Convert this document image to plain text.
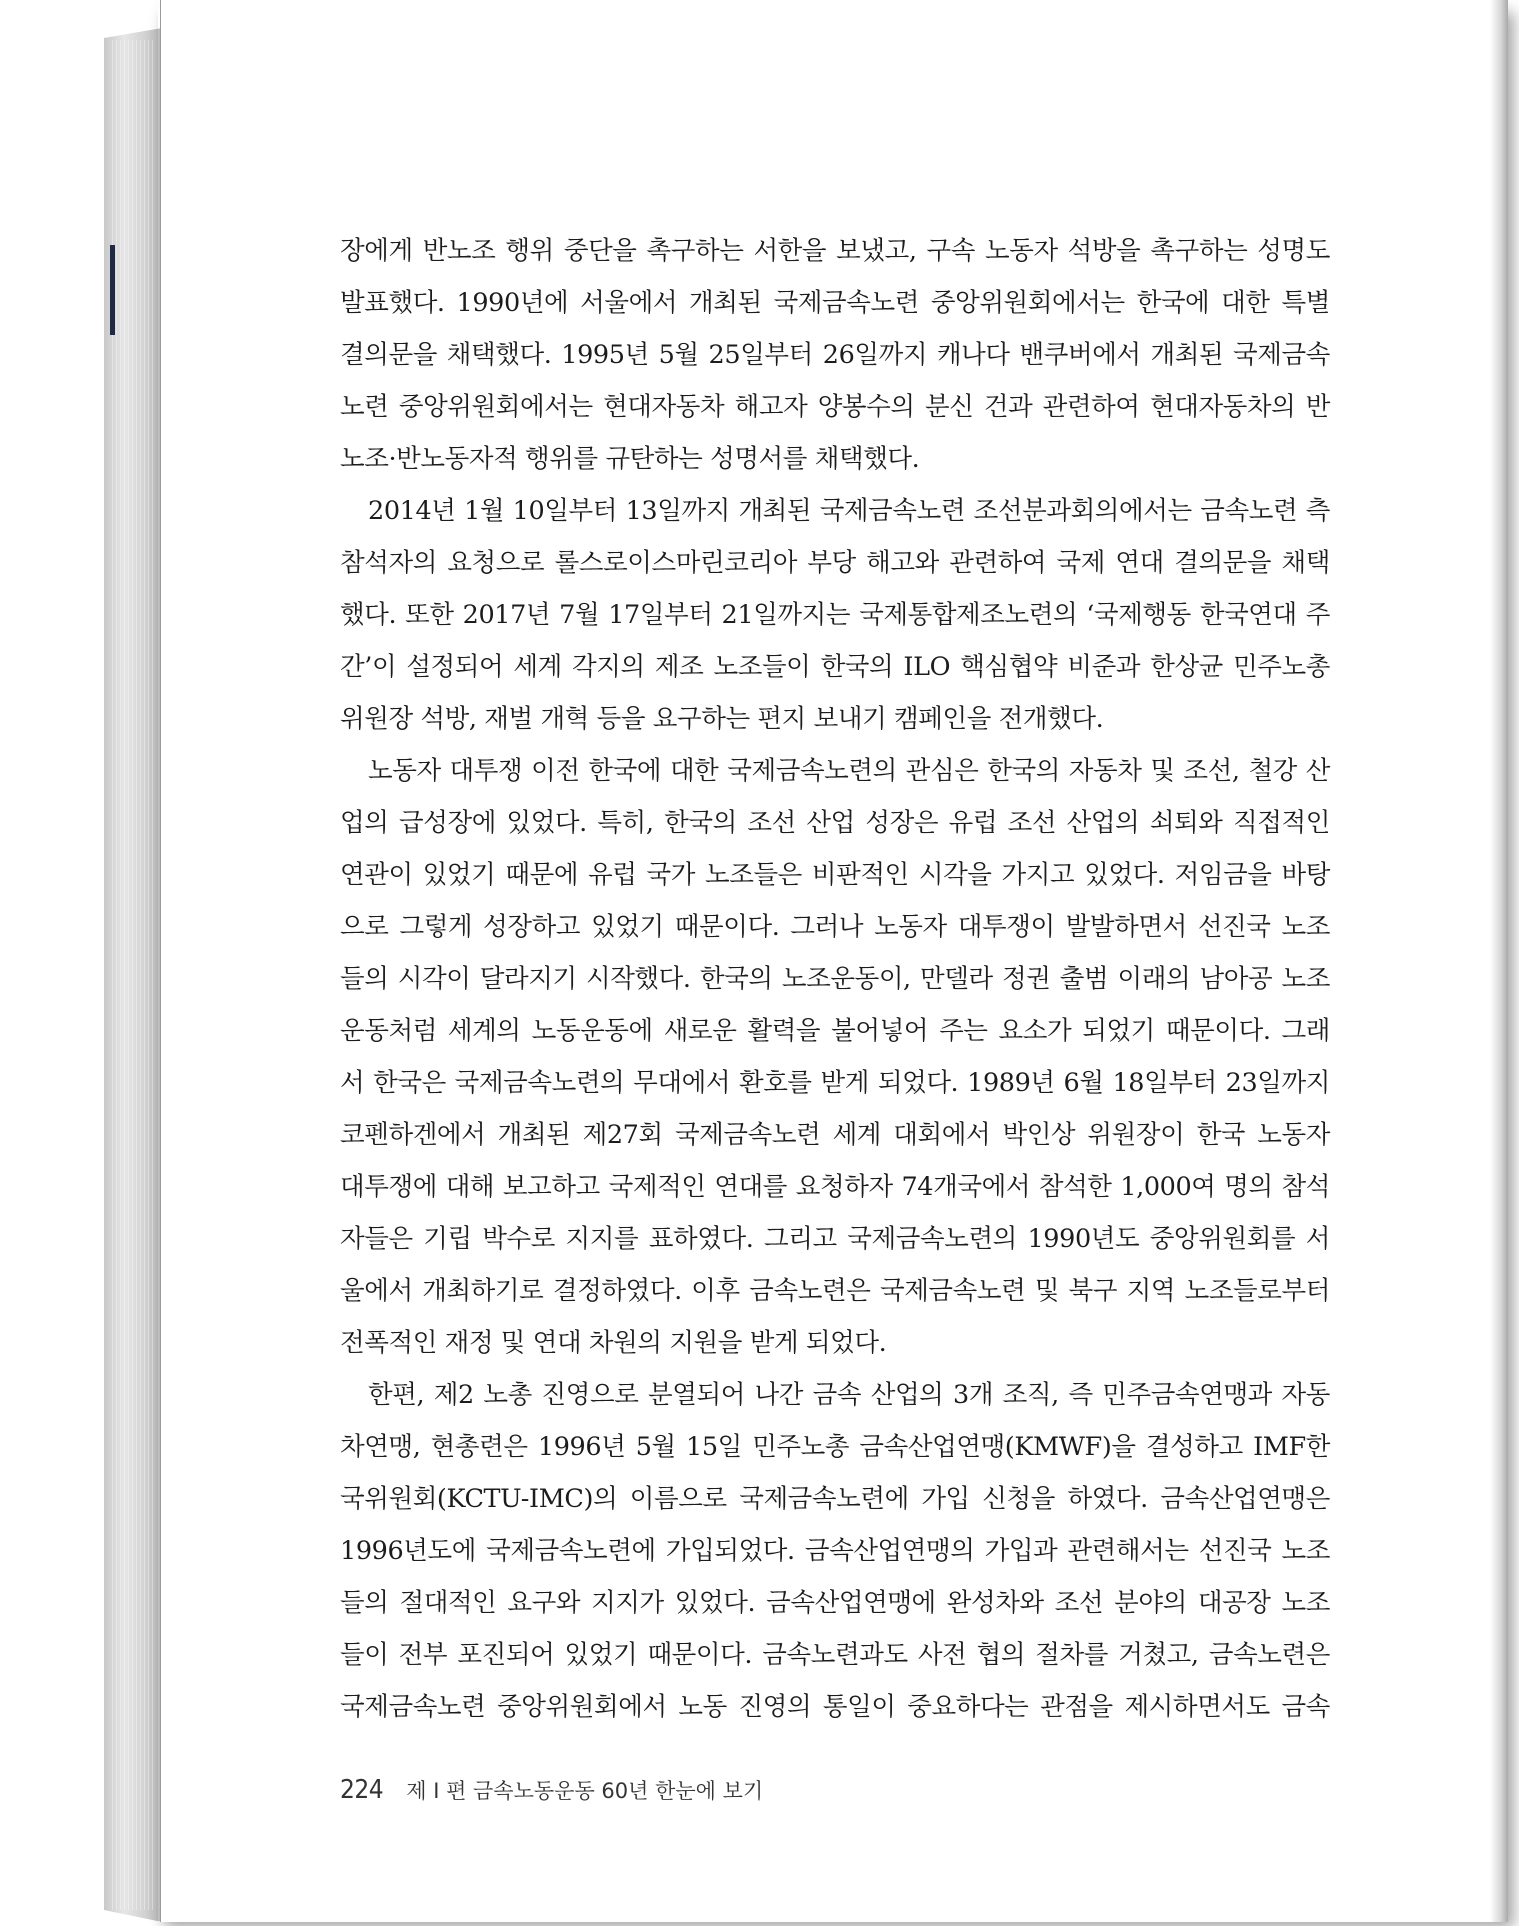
장에게 반노조 행위 중단을 촉구하는 서한을 보냈고, 구속 노동자 석방을 촉구하는 성명도
발표했다. 1990년에 서울에서 개최된 국제금속노련 중앙위원회에서는 한국에 대한 특별
결의문을 채택했다. 1995년 5월 25일부터 26일까지 캐나다 밴쿠버에서 개최된 국제금속
노련 중앙위원회에서는 현대자동차 해고자 양봉수의 분신 건과 관련하여 현대자동차의 반
노조·반노동자적 행위를 규탄하는 성명서를 채택했다.
2014년 1월 10일부터 13일까지 개최된 국제금속노련 조선분과회의에서는 금속노련 측
참석자의 요청으로 롤스로이스마린코리아 부당 해고와 관련하여 국제 연대 결의문을 채택
했다. 또한 2017년 7월 17일부터 21일까지는 국제통합제조노련의 ‘국제행동 한국연대 주
간’이 설정되어 세계 각지의 제조 노조들이 한국의 ILO 핵심협약 비준과 한상균 민주노총
위원장 석방, 재벌 개혁 등을 요구하는 편지 보내기 캠페인을 전개했다.
노동자 대투쟁 이전 한국에 대한 국제금속노련의 관심은 한국의 자동차 및 조선, 철강 산
업의 급성장에 있었다. 특히, 한국의 조선 산업 성장은 유럽 조선 산업의 쇠퇴와 직접적인
연관이 있었기 때문에 유럽 국가 노조들은 비판적인 시각을 가지고 있었다. 저임금을 바탕
으로 그렇게 성장하고 있었기 때문이다. 그러나 노동자 대투쟁이 발발하면서 선진국 노조
들의 시각이 달라지기 시작했다. 한국의 노조운동이, 만델라 정권 출범 이래의 남아공 노조
운동처럼 세계의 노동운동에 새로운 활력을 불어넣어 주는 요소가 되었기 때문이다. 그래
서 한국은 국제금속노련의 무대에서 환호를 받게 되었다. 1989년 6월 18일부터 23일까지
코펜하겐에서 개최된 제27회 국제금속노련 세계 대회에서 박인상 위원장이 한국 노동자
대투쟁에 대해 보고하고 국제적인 연대를 요청하자 74개국에서 참석한 1,000여 명의 참석
자들은 기립 박수로 지지를 표하였다. 그리고 국제금속노련의 1990년도 중앙위원회를 서
울에서 개최하기로 결정하였다. 이후 금속노련은 국제금속노련 및 북구 지역 노조들로부터
전폭적인 재정 및 연대 차원의 지원을 받게 되었다.
한편, 제2 노총 진영으로 분열되어 나간 금속 산업의 3개 조직, 즉 민주금속연맹과 자동
차연맹, 현총련은 1996년 5월 15일 민주노총 금속산업연맹(KMWF)을 결성하고 IMF한
국위원회(KCTU-IMC)의 이름으로 국제금속노련에 가입 신청을 하였다. 금속산업연맹은
1996년도에 국제금속노련에 가입되었다. 금속산업연맹의 가입과 관련해서는 선진국 노조
들의 절대적인 요구와 지지가 있었다. 금속산업연맹에 완성차와 조선 분야의 대공장 노조
들이 전부 포진되어 있었기 때문이다. 금속노련과도 사전 협의 절차를 거쳤고, 금속노련은
국제금속노련 중앙위원회에서 노동 진영의 통일이 중요하다는 관점을 제시하면서도 금속
224 제 I 편 금속노동운동 60년 한눈에 보기
